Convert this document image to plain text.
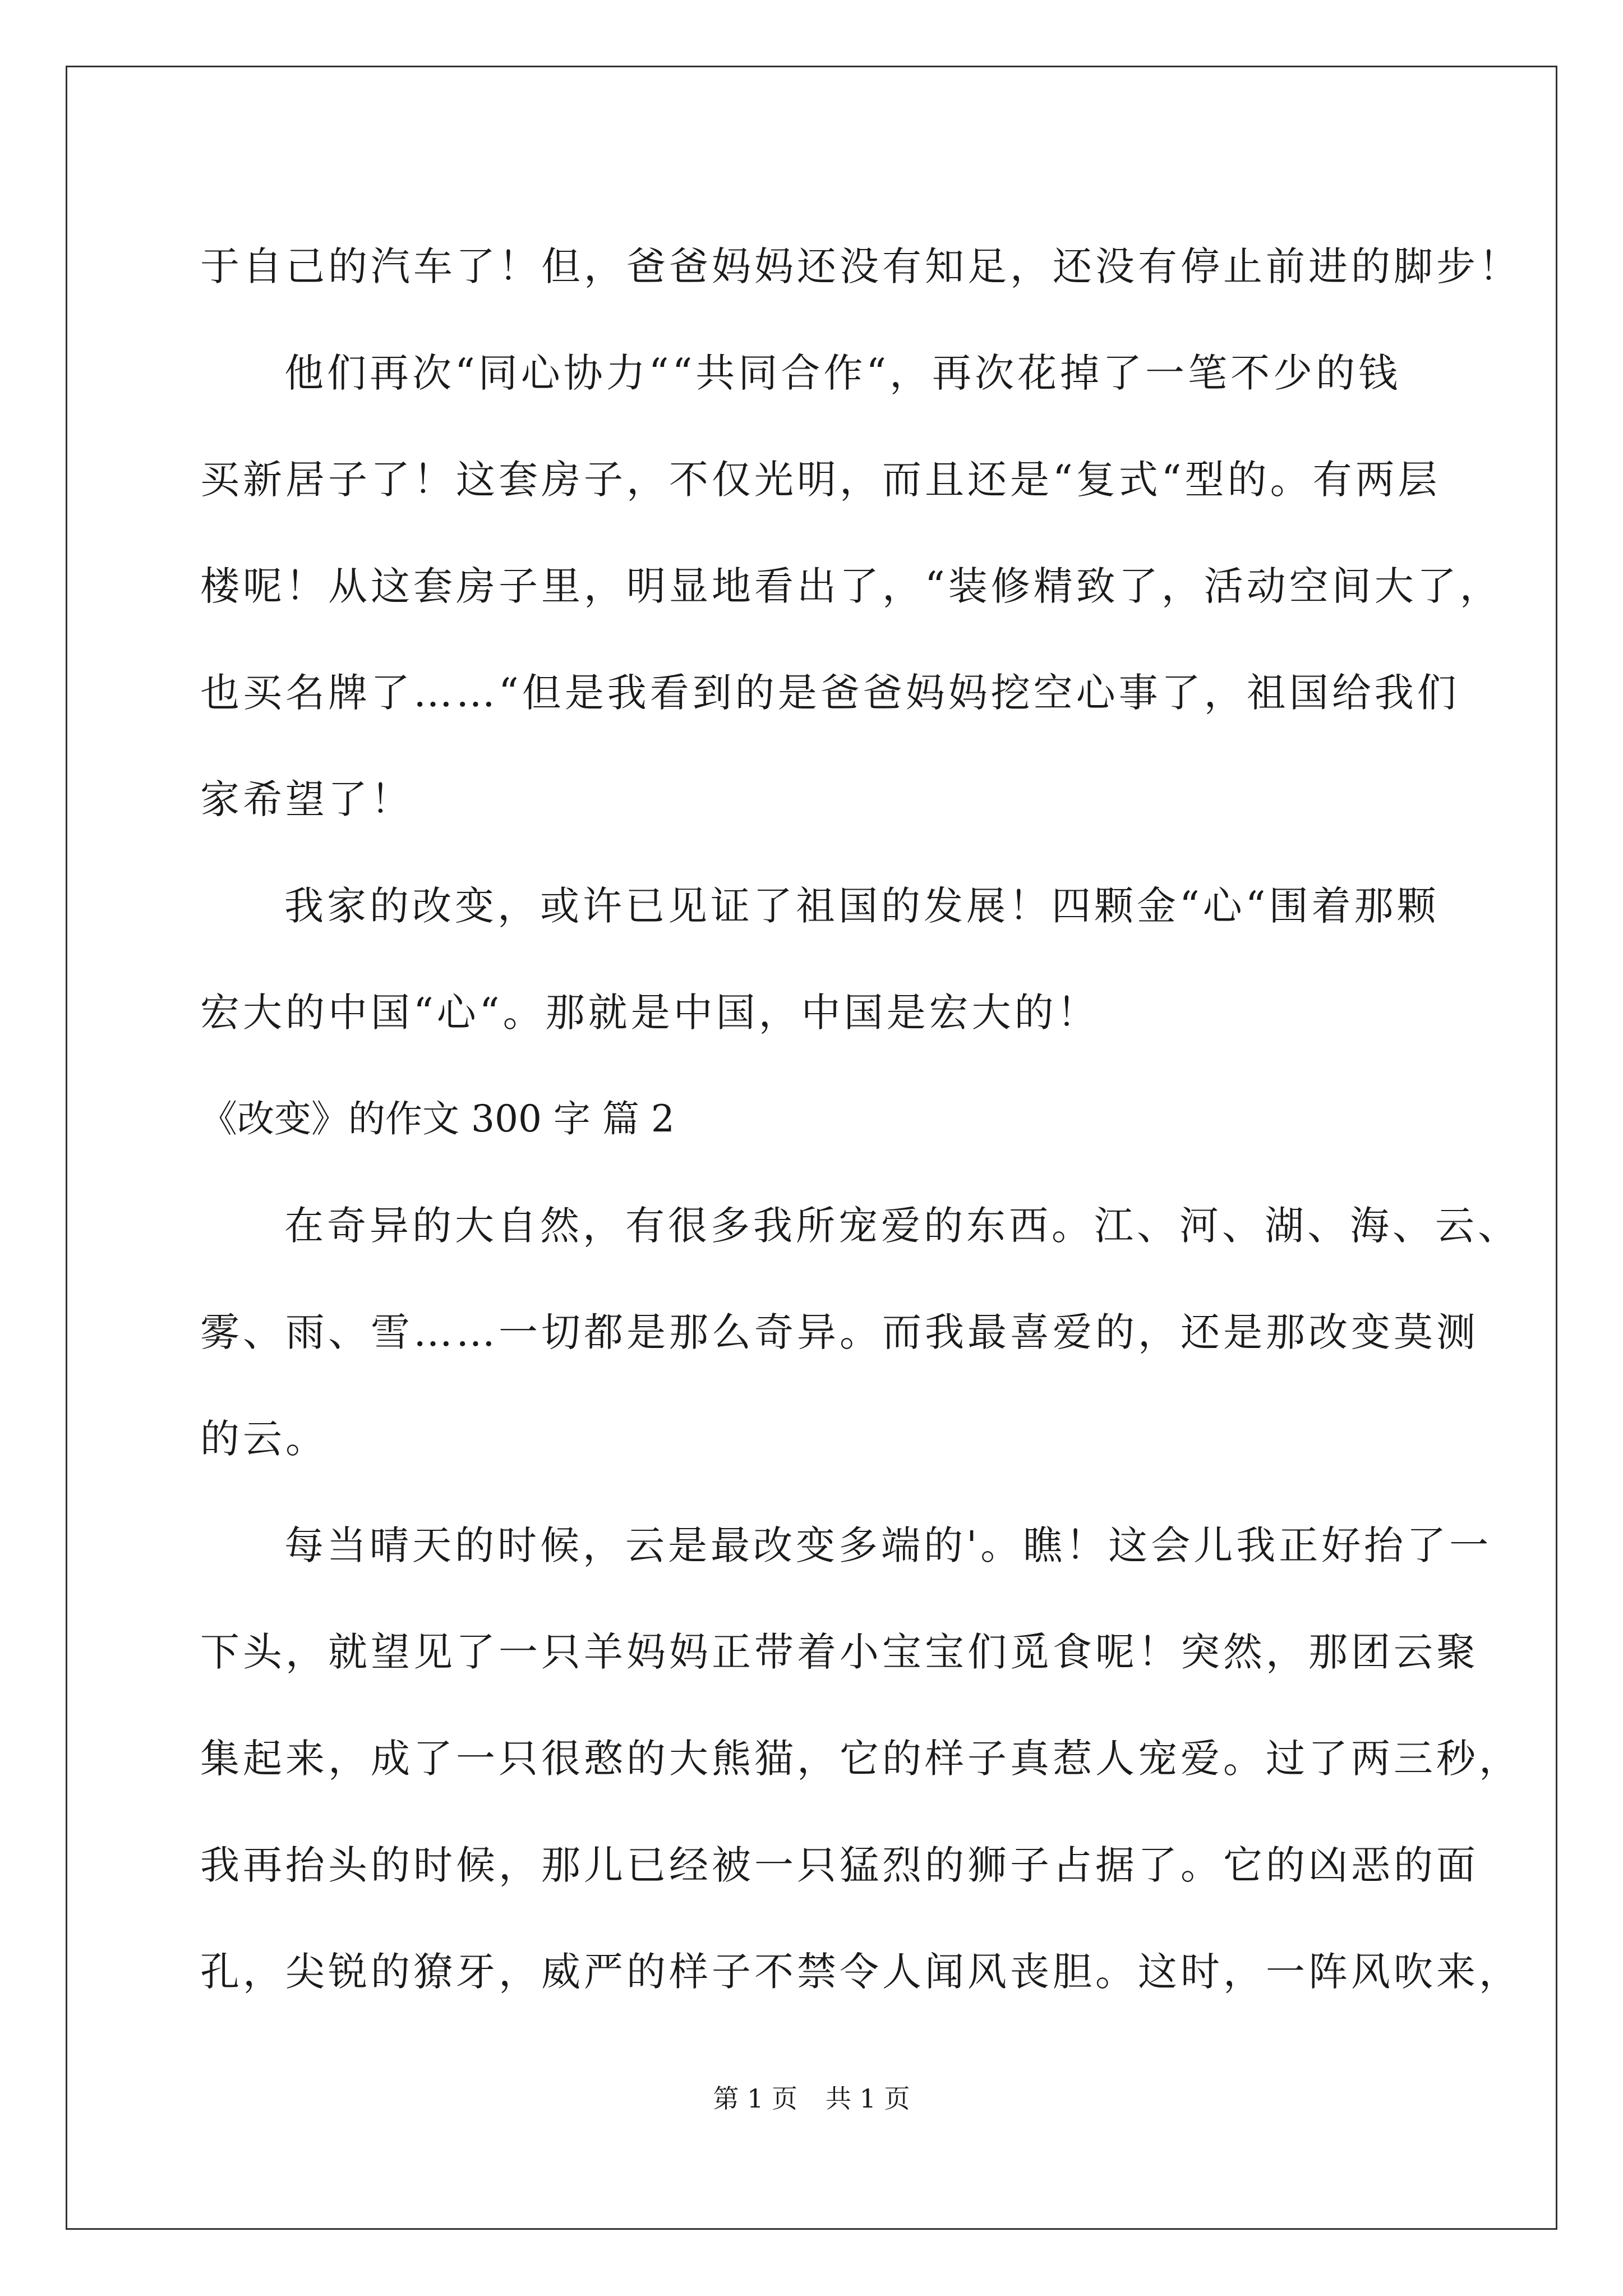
于自己的汽车了！但，爸爸妈妈还没有知足，还没有停止前进的脚步！
他们再次“同心协力““共同合作“，再次花掉了一笔不少的钱
买新居子了！这套房子，不仅光明，而且还是“复式“型的。有两层
楼呢！从这套房子里，明显地看出了，“装修精致了，活动空间大了，
也买名牌了……“但是我看到的是爸爸妈妈挖空心事了，祖国给我们
家希望了！
我家的改变，或许已见证了祖国的发展！四颗金“心“围着那颗
宏大的中国“心“。那就是中国，中国是宏大的！
《改变》的作文 300 字 篇 2
在奇异的大自然，有很多我所宠爱的东西。江、河、湖、海、云、
雾、雨、雪……一切都是那么奇异。而我最喜爱的，还是那改变莫测
的云。
每当晴天的时候，云是最改变多端的'。瞧！这会儿我正好抬了一
下头，就望见了一只羊妈妈正带着小宝宝们觅食呢！突然，那团云聚
集起来，成了一只很憨的大熊猫，它的样子真惹人宠爱。过了两三秒，
我再抬头的时候，那儿已经被一只猛烈的狮子占据了。它的凶恶的面
孔，尖锐的獠牙，威严的样子不禁令人闻风丧胆。这时，一阵风吹来，
第 1 页 共 1 页
